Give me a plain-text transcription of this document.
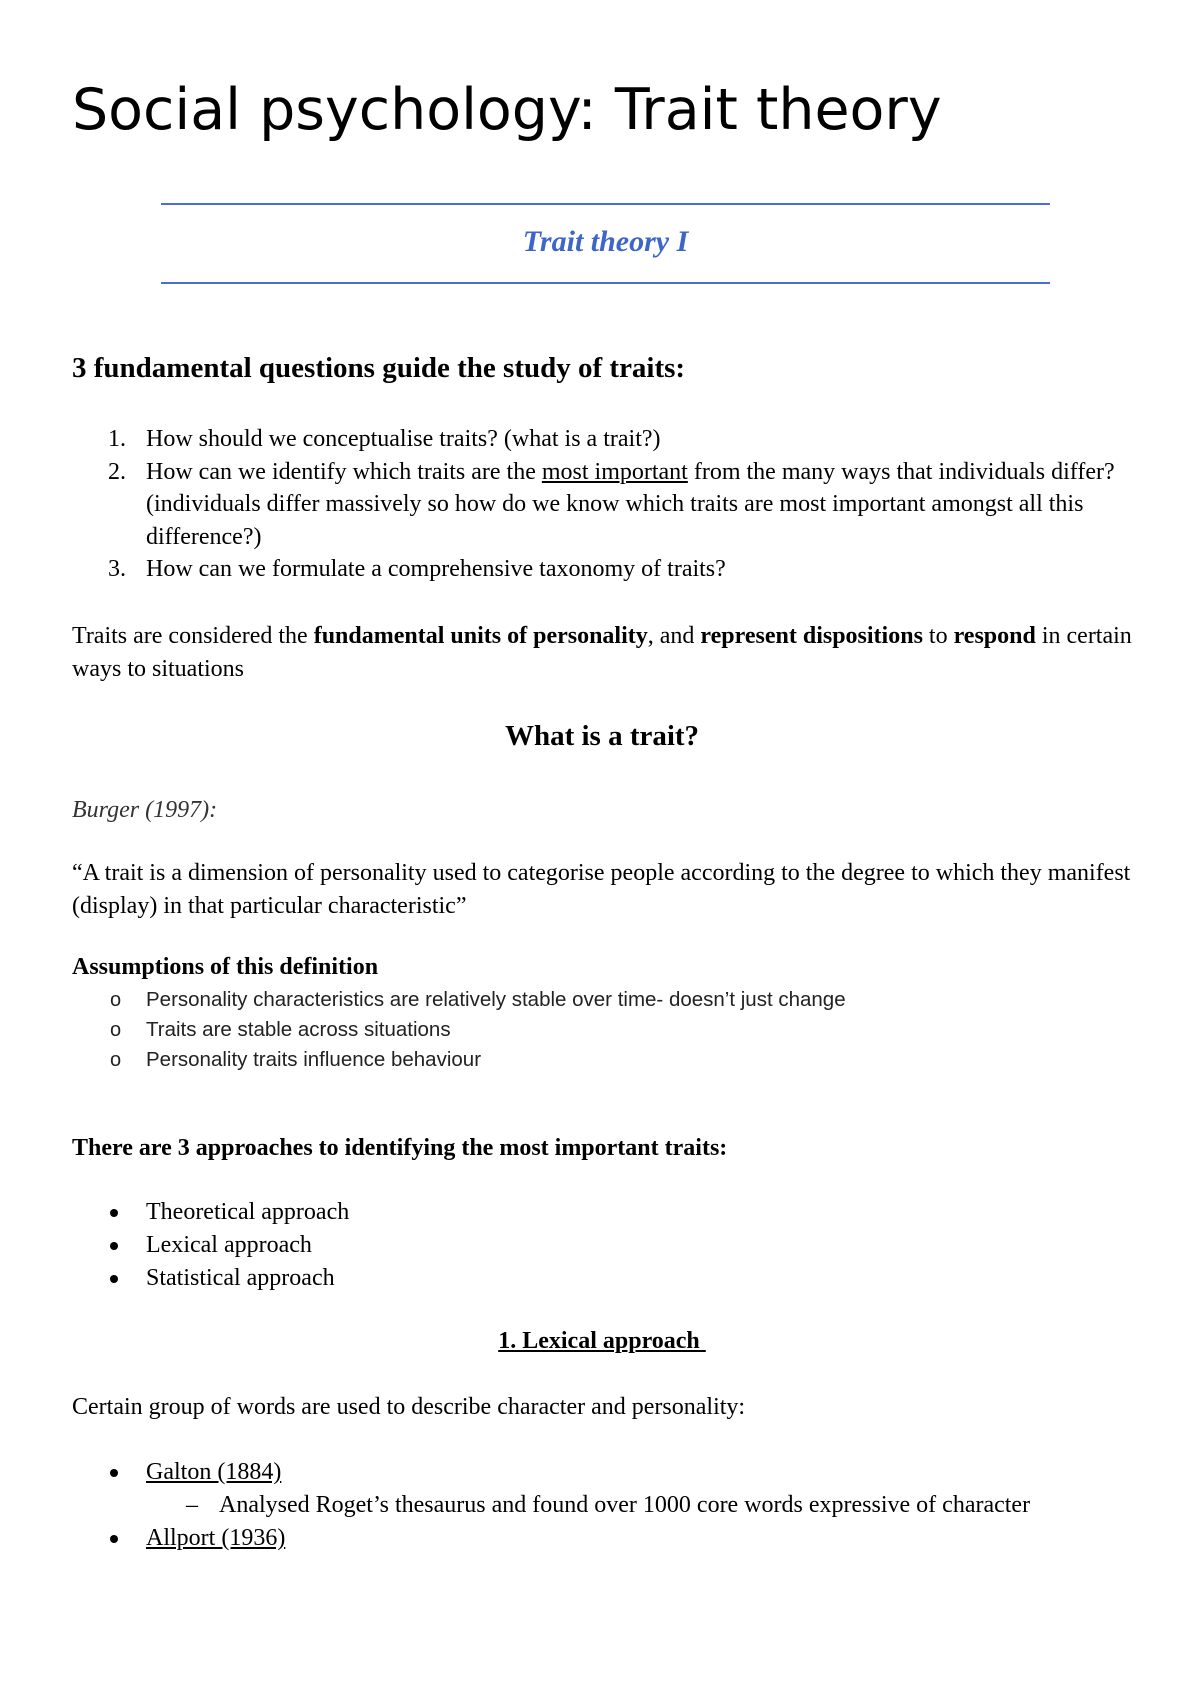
Social psychology: Trait theory
Trait theory I
3 fundamental questions guide the study of traits:
1. How should we conceptualise traits? (what is a trait?)
2. How can we identify which traits are the most important from the many ways that individuals differ? (individuals differ massively so how do we know which traits are most important amongst all this difference?)
3. How can we formulate a comprehensive taxonomy of traits?
Traits are considered the fundamental units of personality, and represent dispositions to respond in certain ways to situations
What is a trait?
Burger (1997):
“A trait is a dimension of personality used to categorise people according to the degree to which they manifest (display) in that particular characteristic”
Assumptions of this definition
o Personality characteristics are relatively stable over time- doesn’t just change
o Traits are stable across situations
o Personality traits influence behaviour
There are 3 approaches to identifying the most important traits:
Theoretical approach
Lexical approach
Statistical approach
1. Lexical approach
Certain group of words are used to describe character and personality:
Galton (1884)
– Analysed Roget’s thesaurus and found over 1000 core words expressive of character
Allport (1936)
